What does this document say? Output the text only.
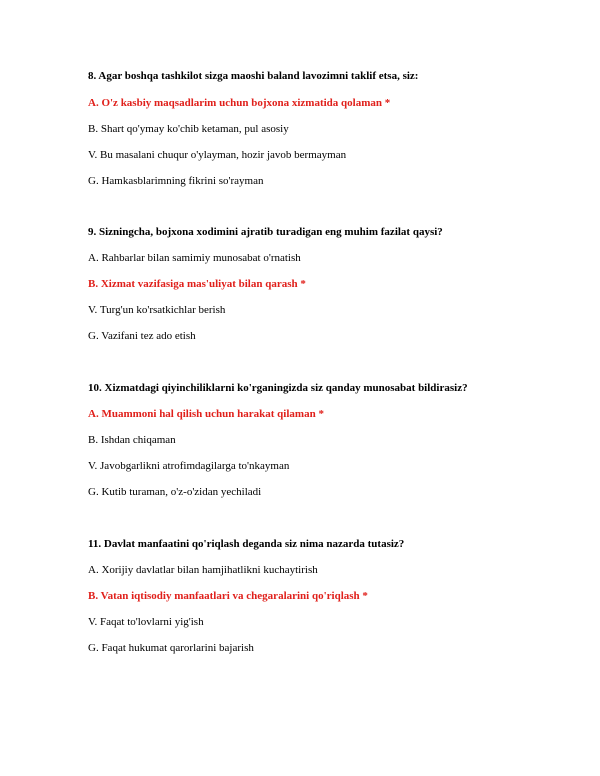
8. Agar boshqa tashkilot sizga maoshi baland lavozimni taklif etsa, siz:

A. O'z kasbiy maqsadlarim uchun bojxona xizmatida qolaman *

B. Shart qo'ymay ko'chib ketaman, pul asosiy

V. Bu masalani chuqur o'ylayman, hozir javob bermayman

G. Hamkasblarimning fikrini so'rayman

9. Sizningcha, bojxona xodimini ajratib turadigan eng muhim fazilat qaysi?

A. Rahbarlar bilan samimiy munosabat o'rnatish

B. Xizmat vazifasiga mas'uliyat bilan qarash *

V. Turg'un ko'rsatkichlar berish

G. Vazifani tez ado etish

10. Xizmatdagi qiyinchiliklarni ko'rganingizda siz qanday munosabat bildirasiz?

A. Muammoni hal qilish uchun harakat qilaman *

B. Ishdan chiqaman

V. Javobgarlikni atrofimdagilarga to'nkayman

G. Kutib turaman, o'z-o'zidan yechiladi

11. Davlat manfaatini qo'riqlash deganda siz nima nazarda tutasiz?

A. Xorijiy davlatlar bilan hamjihatlikni kuchaytirish

B. Vatan iqtisodiy manfaatlari va chegaralarini qo'riqlash *

V. Faqat to'lovlarni yig'ish

G. Faqat hukumat qarorlarini bajarish
